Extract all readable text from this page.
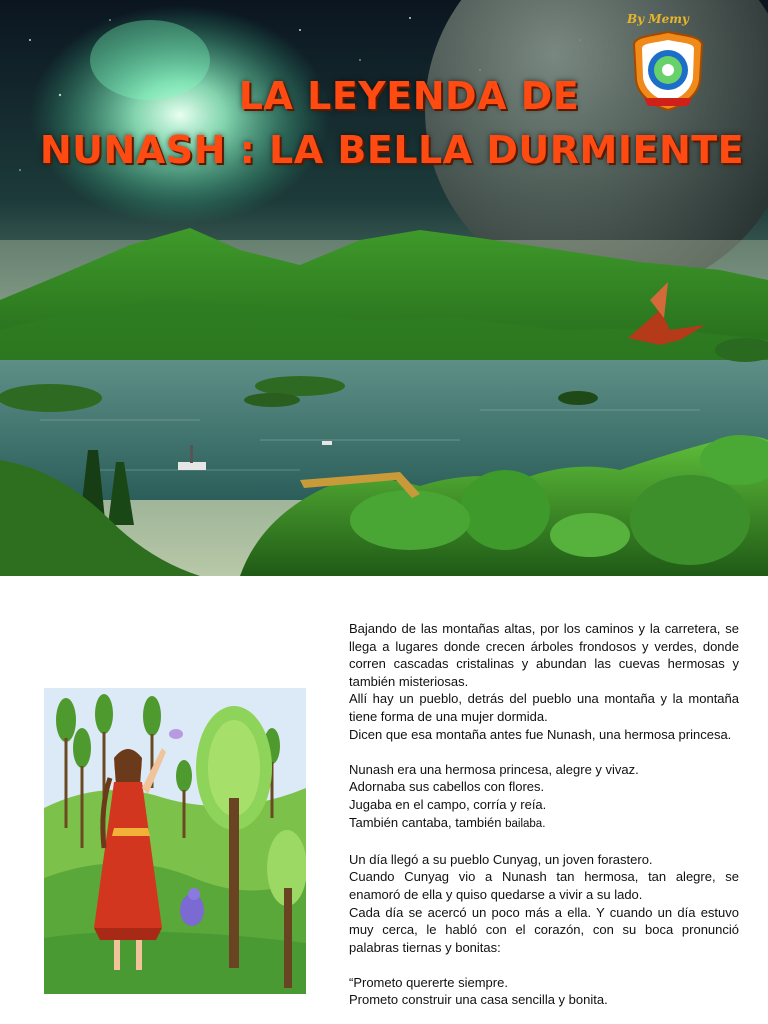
By Memy
LA LEYENDA DE
NUNASH : LA BELLA DURMIENTE

Bajando de las montañas altas, por los caminos y la carretera, se llega a lugares donde crecen árboles frondosos y verdes, donde corren cascadas cristalinas y abundan las cuevas hermosas y también misteriosas.

Allí hay un pueblo, detrás del pueblo una montaña y la montaña tiene forma de una mujer dormida.

Dicen que esa montaña antes fue Nunash, una hermosa princesa.

Nunash era una hermosa princesa, alegre y vivaz.

Adornaba sus cabellos con flores.

Jugaba en el campo, corría y reía.

También cantaba, también bailaba.

Un día llegó a su pueblo Cunyag, un joven forastero.

Cuando Cunyag vio a Nunash tan hermosa, tan alegre, se enamoró de ella y quiso quedarse a vivir a su lado.

Cada día se acercó un poco más a ella. Y cuando un día estuvo muy cerca, le habló con el corazón, con su boca pronunció palabras tiernas y bonitas:

“Prometo quererte siempre.

Prometo construir una casa sencilla y bonita.
